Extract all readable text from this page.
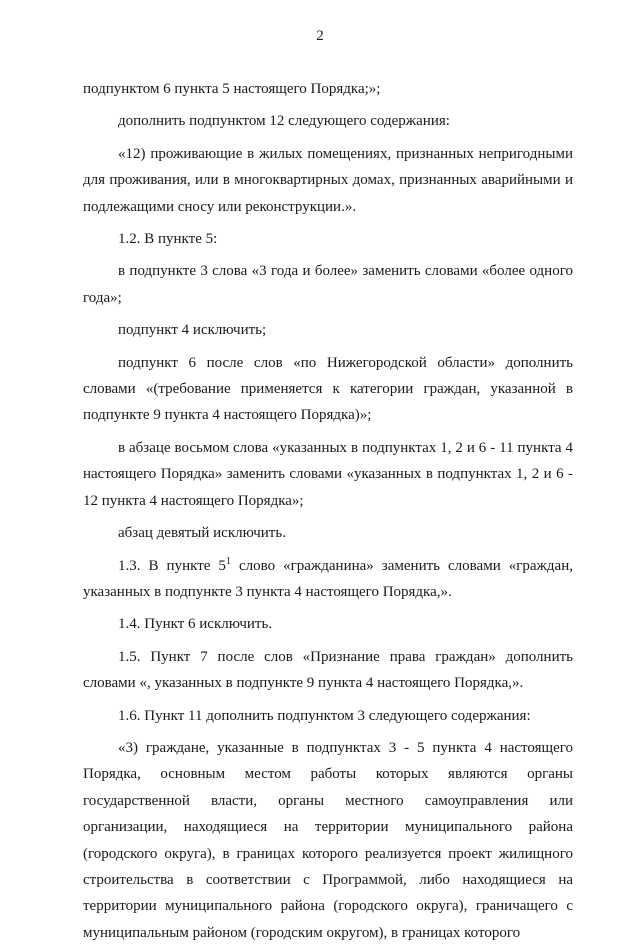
2

подпунктом 6 пункта 5 настоящего Порядка;»;

дополнить подпунктом 12 следующего содержания:

«12) проживающие в жилых помещениях, признанных непригодными для проживания, или в многоквартирных домах, признанных аварийными и подлежащими сносу или реконструкции.».

1.2. В пункте 5:

в подпункте 3 слова «3 года и более» заменить словами «более одного года»;

подпункт 4 исключить;

подпункт 6 после слов «по Нижегородской области» дополнить словами «(требование применяется к категории граждан, указанной в подпункте 9 пункта 4 настоящего Порядка)»;

в абзаце восьмом слова «указанных в подпунктах 1, 2 и 6 - 11 пункта 4 настоящего Порядка» заменить словами «указанных в подпунктах 1, 2 и 6 - 12 пункта 4 настоящего Порядка»;

абзац девятый исключить.

1.3. В пункте $5^1$ слово «гражданина» заменить словами «граждан, указанных в подпункте 3 пункта 4 настоящего Порядка,».

1.4. Пункт 6 исключить.

1.5. Пункт 7 после слов «Признание права граждан» дополнить словами «, указанных в подпункте 9 пункта 4 настоящего Порядка,».

1.6. Пункт 11 дополнить подпунктом 3 следующего содержания:

«3) граждане, указанные в подпунктах 3 - 5 пункта 4 настоящего Порядка, основным местом работы которых являются органы государственной власти, органы местного самоуправления или организации, находящиеся на территории муниципального района (городского округа), в границах которого реализуется проект жилищного строительства в соответствии с Программой, либо находящиеся на территории муниципального района (городского округа), граничащего с муниципальным районом (городским округом), в границах которого
